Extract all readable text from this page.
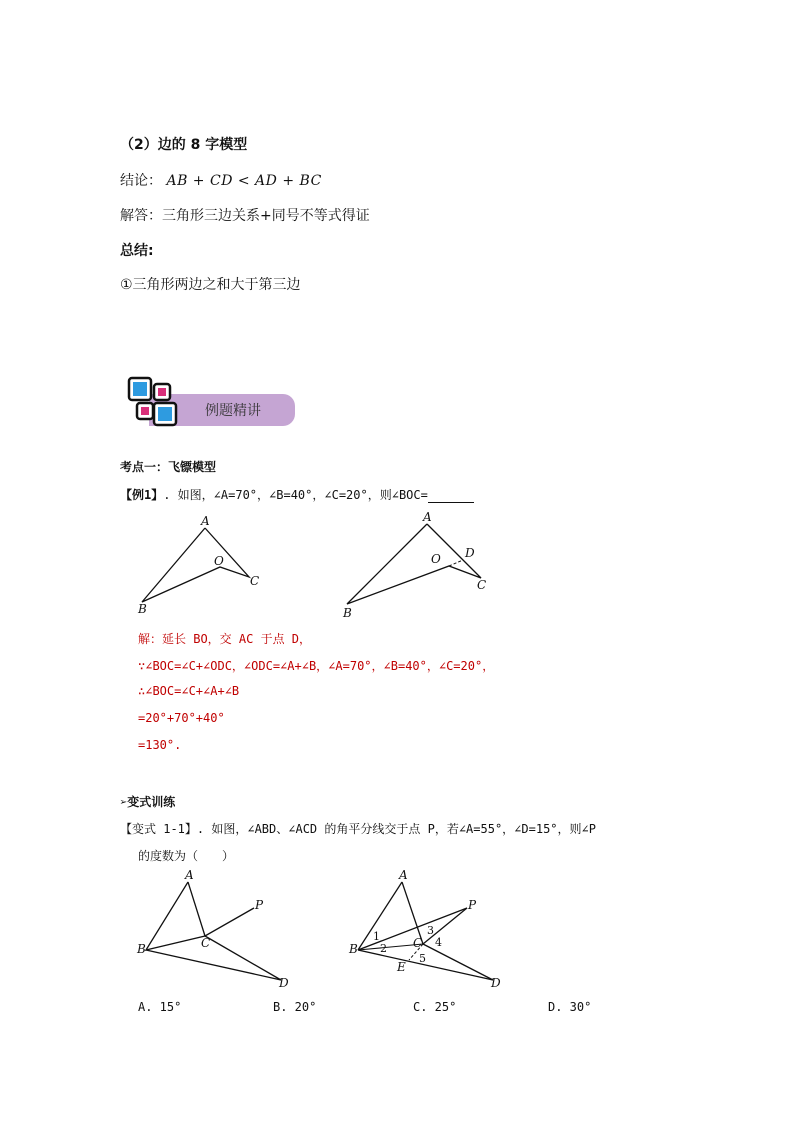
（2）边的 8 字模型
结论： AB + CD < AD + BC
解答：三角形三边关系+同号不等式得证
总结:
①三角形两边之和大于第三边
例题精讲
考点一：飞镖模型
【例1】. 如图，∠A=70°，∠B=40°，∠C=20°，则∠BOC=
A
O
B
C
A
O D
B
C
解：延长 BO，交 AC 于点 D，
∵∠BOC=∠C+∠ODC，∠ODC=∠A+∠B，∠A=70°，∠B=40°，∠C=20°，
∴∠BOC=∠C+∠A+∠B
=20°+70°+40°
=130°.
➢变式训练
【变式 1-1】. 如图，∠ABD、∠ACD 的角平分线交于点 P，若∠A=55°，∠D=15°，则∠P
的度数为（　　）
A
P
B	C
D
A
P
B	C
D
E
1
2
3
4
5
A. 15°	B. 20°	C. 25°	D. 30°
